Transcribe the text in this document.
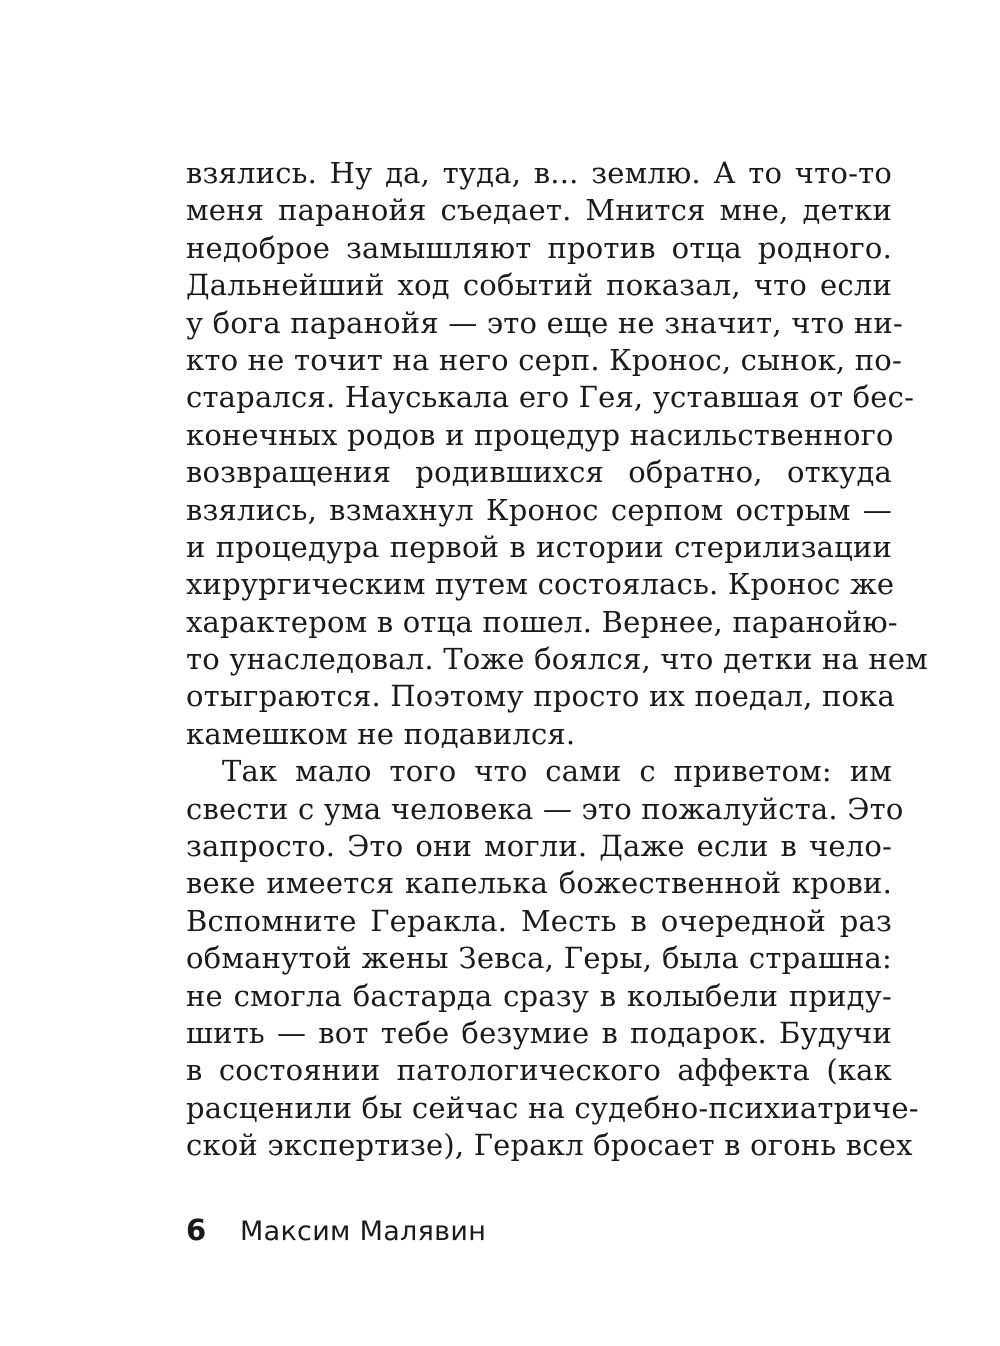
взялись. Ну да, туда, в... землю. А то что-то
меня паранойя съедает. Мнится мне, детки
недоброе замышляют против отца родного.
Дальнейший ход событий показал, что если
у бога паранойя — это еще не значит, что ни-
кто не точит на него серп. Кронос, сынок, по-
старался. Науськала его Гея, уставшая от бес-
конечных родов и процедур насильственного
возвращения родившихся обратно, откуда
взялись, взмахнул Кронос серпом острым —
и процедура первой в истории стерилизации
хирургическим путем состоялась. Кронос же
характером в отца пошел. Вернее, паранойю-
то унаследовал. Тоже боялся, что детки на нем
отыграются. Поэтому просто их поедал, пока
камешком не подавился.
Так мало того что сами с приветом: им
свести с ума человека — это пожалуйста. Это
запросто. Это они могли. Даже если в чело-
веке имеется капелька божественной крови.
Вспомните Геракла. Месть в очередной раз
обманутой жены Зевса, Геры, была страшна:
не смогла бастарда сразу в колыбели приду-
шить — вот тебе безумие в подарок. Будучи
в состоянии патологического аффекта (как
расценили бы сейчас на судебно-психиатриче-
ской экспертизе), Геракл бросает в огонь всех
6	Максим Малявин
